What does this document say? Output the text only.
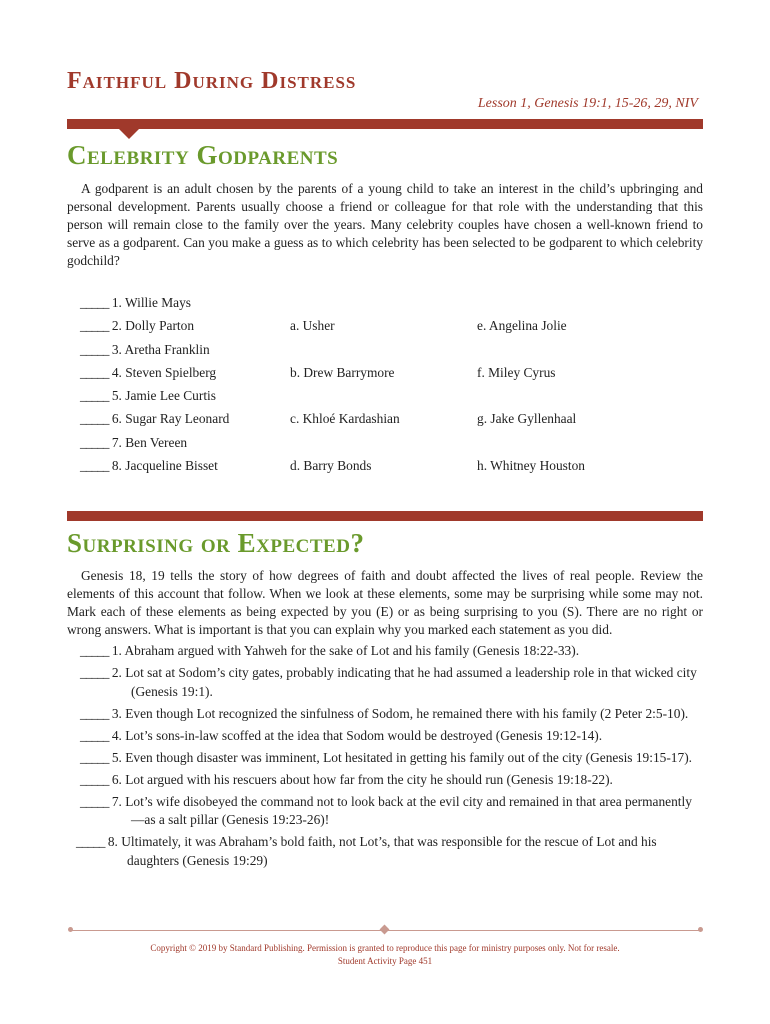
Faithful During Distress
Lesson 1, Genesis 19:1, 15-26, 29, NIV
Celebrity Godparents

A godparent is an adult chosen by the parents of a young child to take an interest in the child’s upbringing and personal development. Parents usually choose a friend or colleague for that role with the understanding that this person will remain close to the family over the years. Many celebrity couples have chosen a well-known friend to serve as a godparent. Can you make a guess as to which celebrity has been selected to be godparent to which celebrity godchild?

_____ 1. Willie Mays
_____ 2. Dolly Parton
_____ 3. Aretha Franklin
_____ 4. Steven Spielberg
_____ 5. Jamie Lee Curtis
_____ 6. Sugar Ray Leonard
_____ 7. Ben Vereen
_____ 8. Jacqueline Bisset
a. Usher
b. Drew Barrymore
c. Khloé Kardashian
d. Barry Bonds
e. Angelina Jolie
f. Miley Cyrus
g. Jake Gyllenhaal
h. Whitney Houston
Surprising or Expected?

Genesis 18, 19 tells the story of how degrees of faith and doubt affected the lives of real people. Review the elements of this account that follow. When we look at these elements, some may be surprising while some may not. Mark each of these elements as being expected by you (E) or as being surprising to you (S). There are no right or wrong answers. What is important is that you can explain why you marked each statement as you did.

_____ 1. Abraham argued with Yahweh for the sake of Lot and his family (Genesis 18:22-33).
_____ 2. Lot sat at Sodom’s city gates, probably indicating that he had assumed a leadership role in that wicked city (Genesis 19:1).
_____ 3. Even though Lot recognized the sinfulness of Sodom, he remained there with his family (2 Peter 2:5-10).
_____ 4. Lot’s sons-in-law scoffed at the idea that Sodom would be destroyed (Genesis 19:12-14).
_____ 5. Even though disaster was imminent, Lot hesitated in getting his family out of the city (Genesis 19:15-17).
_____ 6. Lot argued with his rescuers about how far from the city he should run (Genesis 19:18-22).
_____ 7. Lot’s wife disobeyed the command not to look back at the evil city and remained in that area permanently—as a salt pillar (Genesis 19:23-26)!
_____ 8. Ultimately, it was Abraham’s bold faith, not Lot’s, that was responsible for the rescue of Lot and his daughters (Genesis 19:29)
Copyright © 2019 by Standard Publishing. Permission is granted to reproduce this page for ministry purposes only. Not for resale.
Student Activity Page 451
